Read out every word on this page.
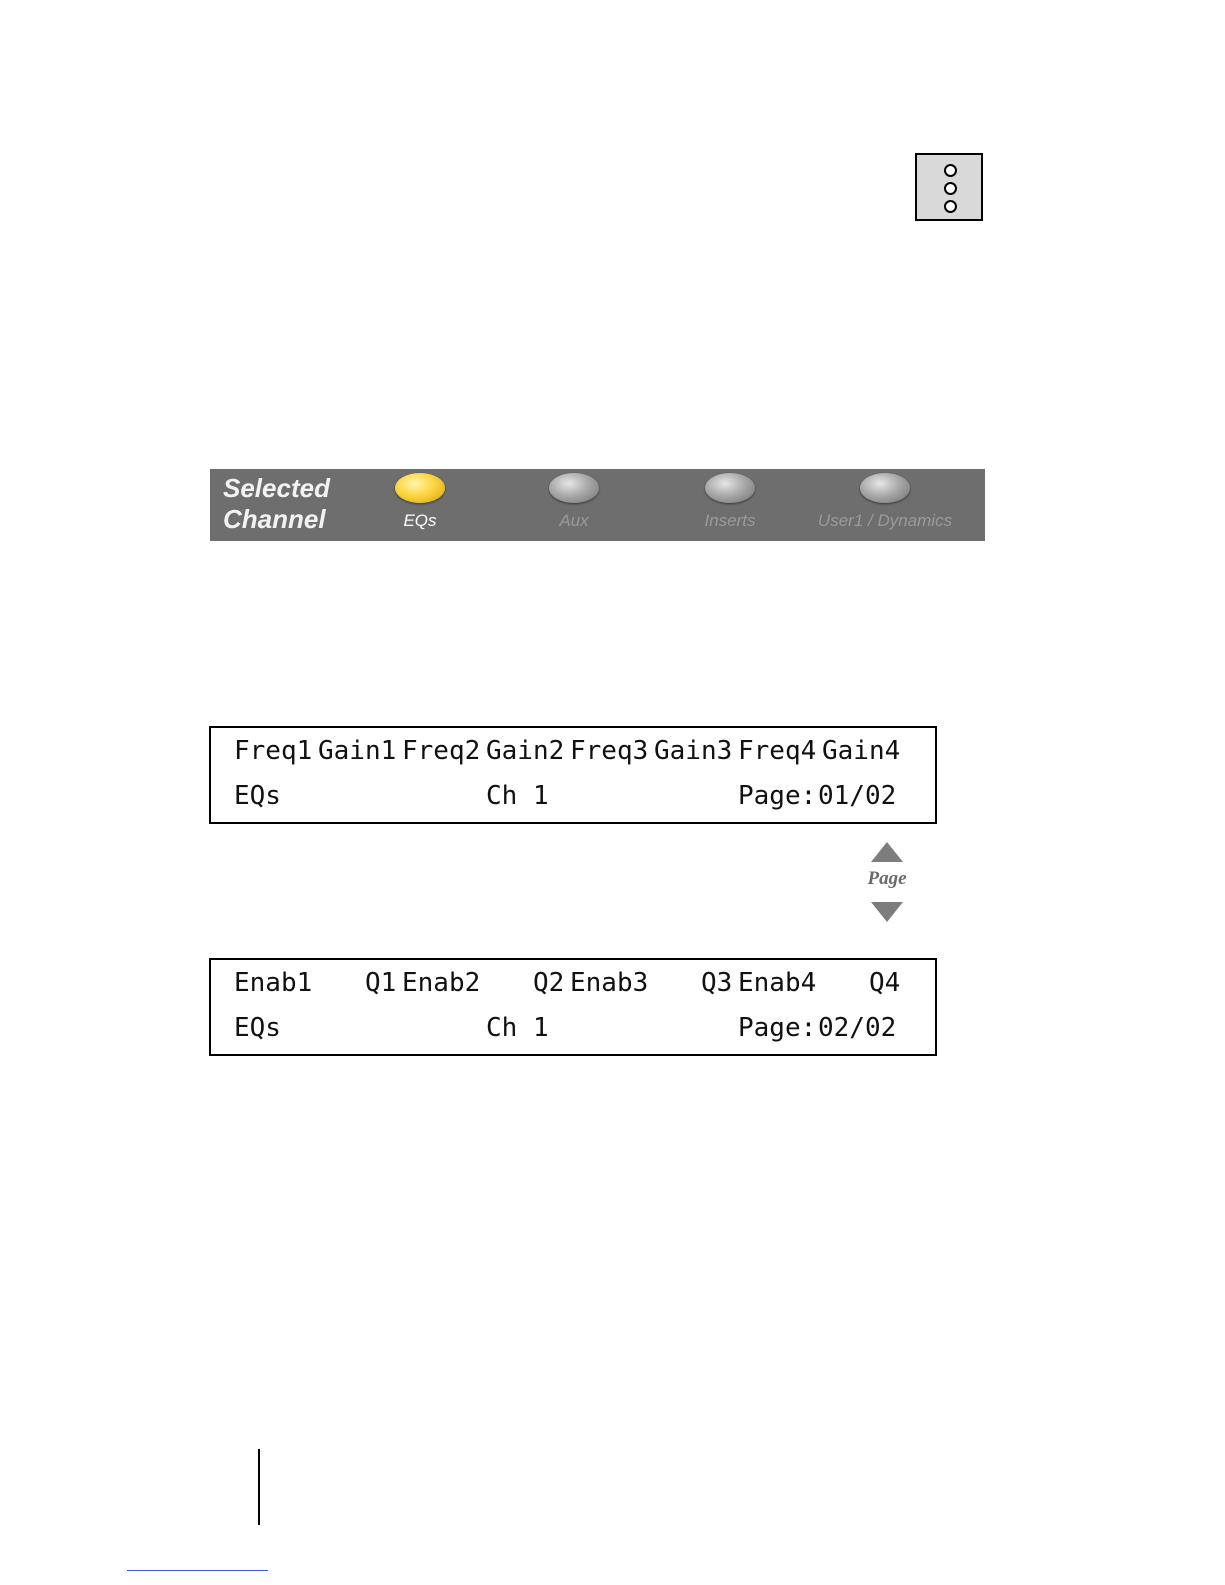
Selected
Channel	EQs	Aux	Inserts	User1 / Dynamics
Freq1 Gain1 Freq2 Gain2 Freq3 Gain3 Freq4 Gain4
EQs	Ch 1	Page: 01/02
Page
Enab1 Q1 Enab2 Q2 Enab3 Q3 Enab4 Q4
EQs	Ch 1	Page: 02/02
